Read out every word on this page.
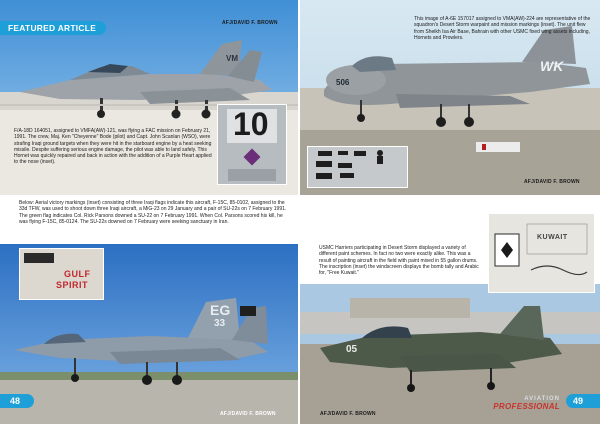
VM
FEATURED ARTICLE	AFJ/DAVID F. BROWN
F/A-18D 164051, assigned to VMFA(AW)-121, was flying a FAC mission on February 21, 1991. The crew, Maj. Ken "Cheyenne" Bode (pilot) and Capt. John Scanlan (WSO), were strafing Iraqi ground targets when they were hit in the starboard engine by a heat seeking missile. Despite suffering serious engine damage, the pilot was able to land safely. This Hornet was quickly repaired and back in action with the addition of a Purple Heart applied to the nose (inset).
10
506
WK
This image of A-6E 157017 assigned to VMA(AW)-224 are representative of the squadron's Desert Storm warpaint and mission markings (inset). The unit flew from Sheikh Isa Air Base, Bahrain with other USMC fixed wing assets including, Hornets and Prowlers.
AFJ/DAVID F. BROWN
Below: Aerial victory markings (inset) consisting of three Iraqi flags indicate this aircraft, F-15C, 85-0102, assigned to the 33d TFW, was used to shoot down three Iraqi aircraft, a MiG-23 on 29 January and a pair of SU-22s on 7 February 1991. The green flag indicates Col. Rick Parsons downed a SU-22 on 7 February 1991. When Col. Parsons scored his kill, he was flying F-15C, 85-0124. The SU-22s downed on 7 February were seeking sanctuary in Iran.
EG
33
GULF
SPIRIT
05
USMC Harriers participating in Desert Storm displayed a variety of different paint schemes. In fact no two were exactly alike. This was a result of painting aircraft in the field with paint mixed in 55 gallon drums. The inscription (inset) the windscreen displays the bomb tally and Arabic for, "Free Kuwait."
KUWAIT
AFJ/DAVID F. BROWN	AFJ/DAVID F. BROWN
48	49
AVIATION
PROFESSIONAL
